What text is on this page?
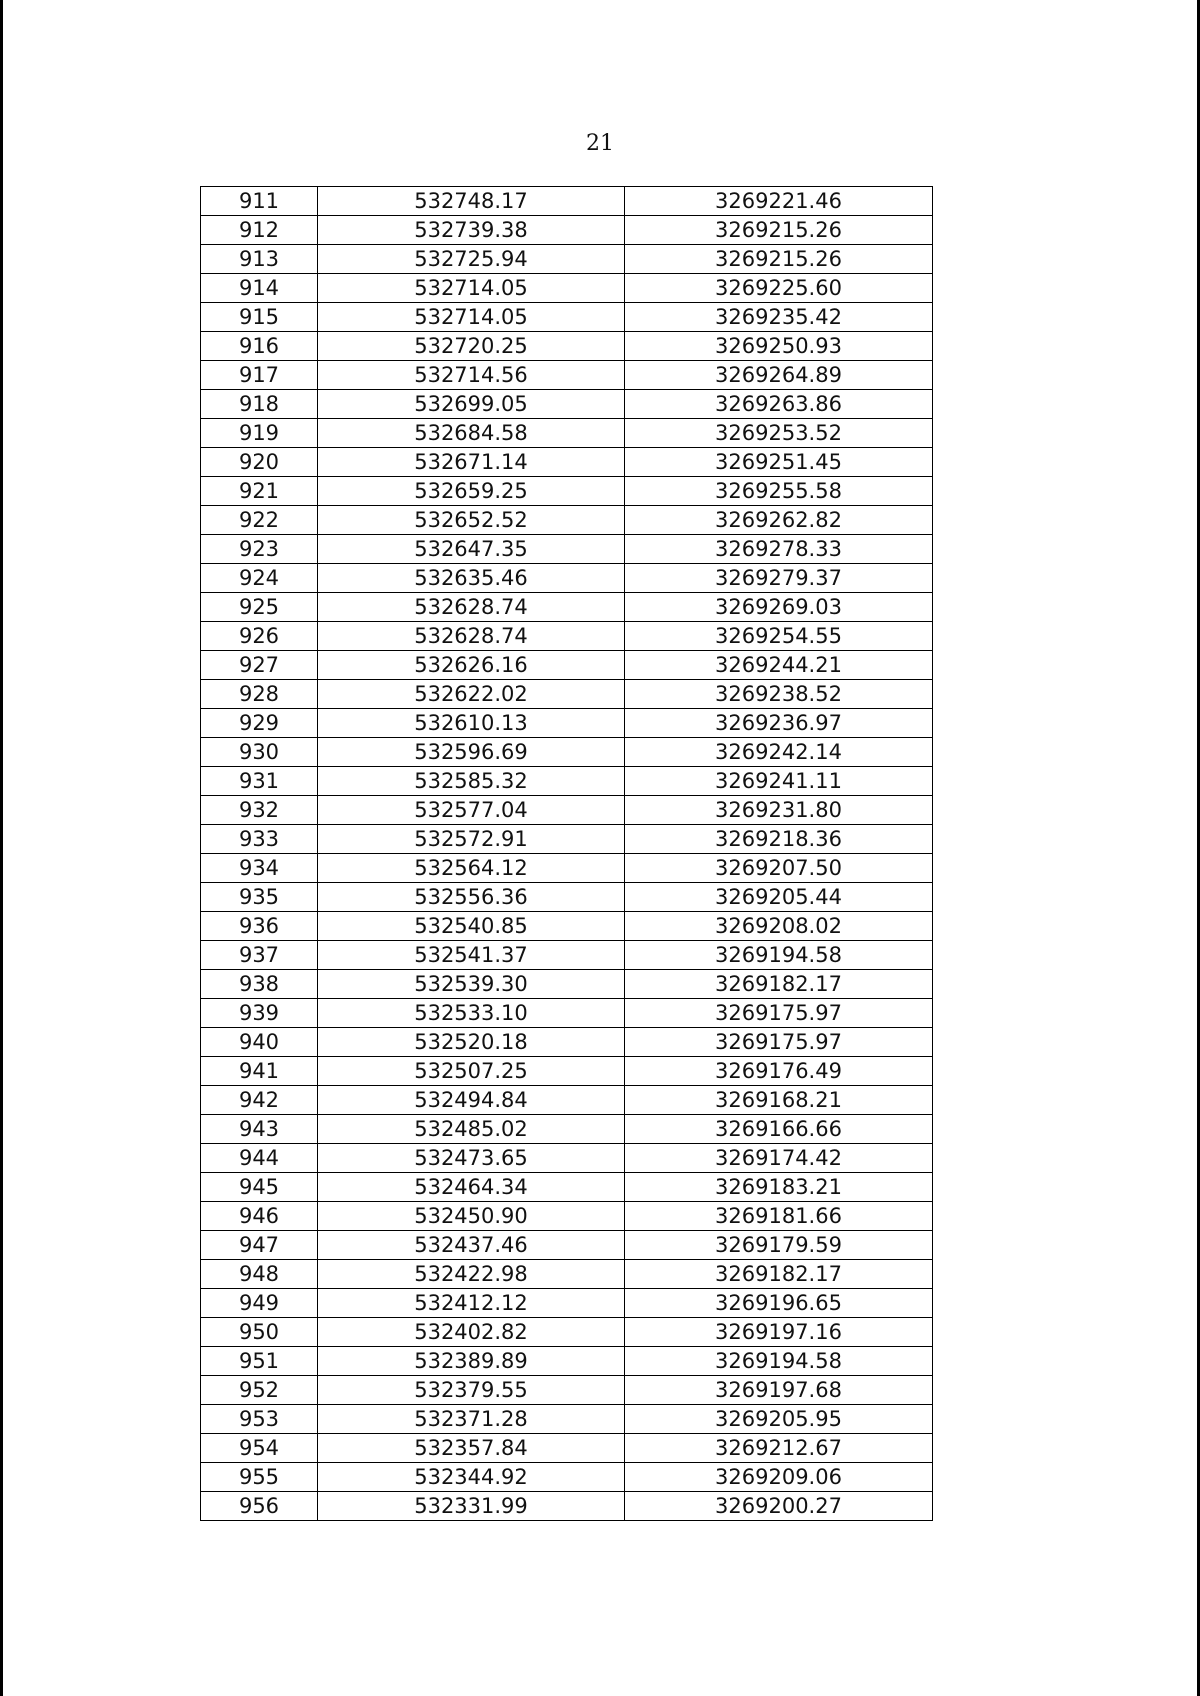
21
911	532748.17	3269221.46
912	532739.38	3269215.26
913	532725.94	3269215.26
914	532714.05	3269225.60
915	532714.05	3269235.42
916	532720.25	3269250.93
917	532714.56	3269264.89
918	532699.05	3269263.86
919	532684.58	3269253.52
920	532671.14	3269251.45
921	532659.25	3269255.58
922	532652.52	3269262.82
923	532647.35	3269278.33
924	532635.46	3269279.37
925	532628.74	3269269.03
926	532628.74	3269254.55
927	532626.16	3269244.21
928	532622.02	3269238.52
929	532610.13	3269236.97
930	532596.69	3269242.14
931	532585.32	3269241.11
932	532577.04	3269231.80
933	532572.91	3269218.36
934	532564.12	3269207.50
935	532556.36	3269205.44
936	532540.85	3269208.02
937	532541.37	3269194.58
938	532539.30	3269182.17
939	532533.10	3269175.97
940	532520.18	3269175.97
941	532507.25	3269176.49
942	532494.84	3269168.21
943	532485.02	3269166.66
944	532473.65	3269174.42
945	532464.34	3269183.21
946	532450.90	3269181.66
947	532437.46	3269179.59
948	532422.98	3269182.17
949	532412.12	3269196.65
950	532402.82	3269197.16
951	532389.89	3269194.58
952	532379.55	3269197.68
953	532371.28	3269205.95
954	532357.84	3269212.67
955	532344.92	3269209.06
956	532331.99	3269200.27
